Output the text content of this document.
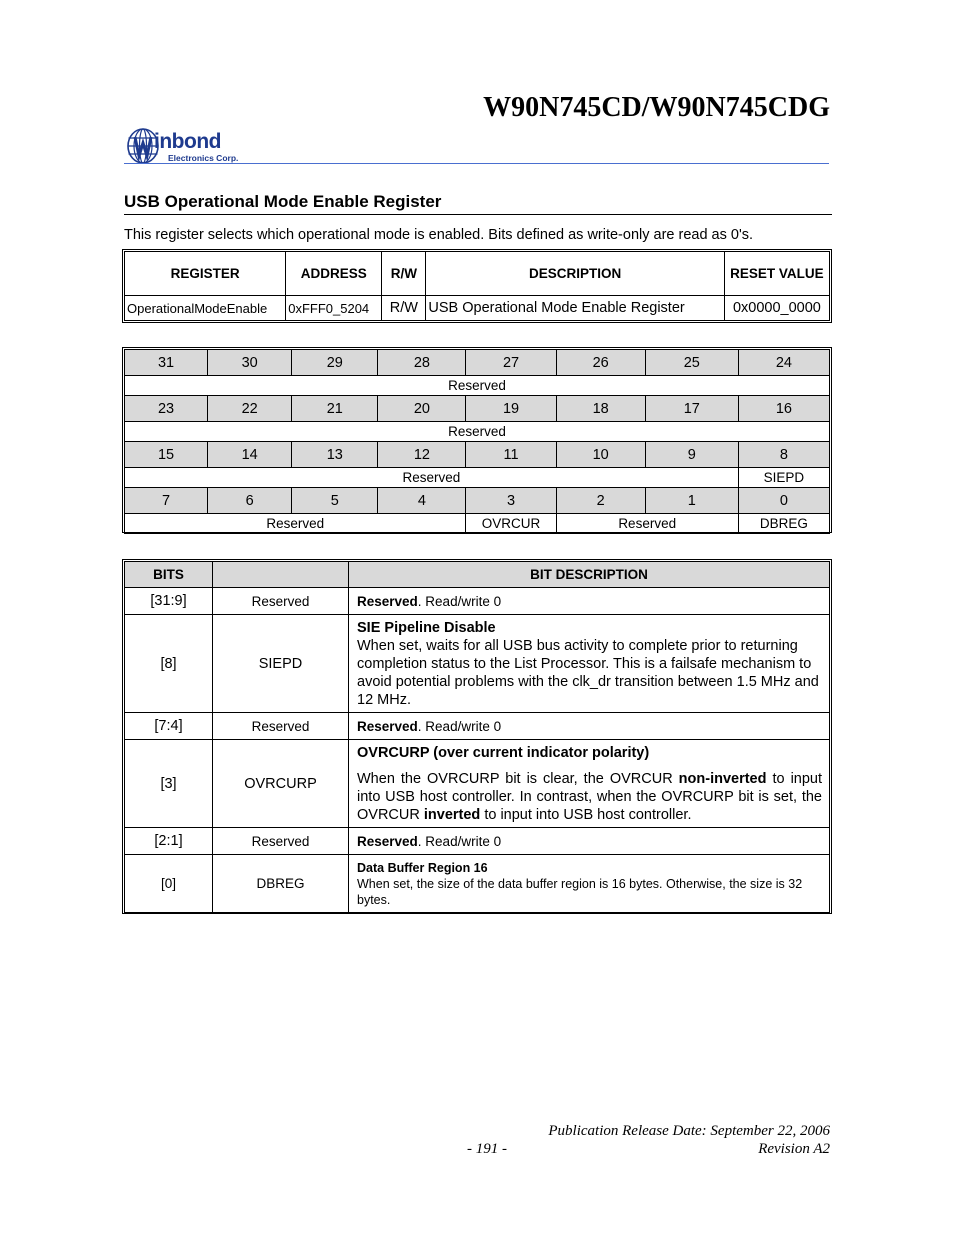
W90N745CD/W90N745CDG
inbond
Electronics Corp.
USB Operational Mode Enable Register
This register selects which operational mode is enabled. Bits defined as write-only are read as 0's.
REGISTER	ADDRESS	R/W	DESCRIPTION	RESET VALUE
OperationalModeEnable	0xFFF0_5204	R/W	USB Operational Mode Enable Register	0x0000_0000
31	30	29	28	27	26	25	24
Reserved							
23	22	21	20	19	18	17	16
Reserved							
15	14	13	12	11	10	9	8
Reserved							SIEPD
7	6	5	4	3	2	1	0
Reserved				OVRCUR	Reserved		DBREG
BITS		BIT DESCRIPTION
[31:9]	Reserved	Reserved. Read/write 0
[8]	SIEPD	SIE Pipeline Disable

When set, waits for all USB bus activity to complete prior to returning completion status to the List Processor. This is a failsafe mechanism to avoid potential problems with the clk_dr transition between 1.5 MHz and 12 MHz.

[7:4]	Reserved	Reserved. Read/write 0
[3]	OVRCURP	OVRCURP (over current indicator polarity)

When the OVRCURP bit is clear, the OVRCUR non-inverted to input into USB host controller. In contrast, when the OVRCURP bit is set, the OVRCUR inverted to input into USB host controller.

[2:1]	Reserved	Reserved. Read/write 0
[0]	DBREG	Data Buffer Region 16

When set, the size of the data buffer region is 16 bytes. Otherwise, the size is 32 bytes.

Publication Release Date: September 22, 2006
- 191 -	Revision A2
